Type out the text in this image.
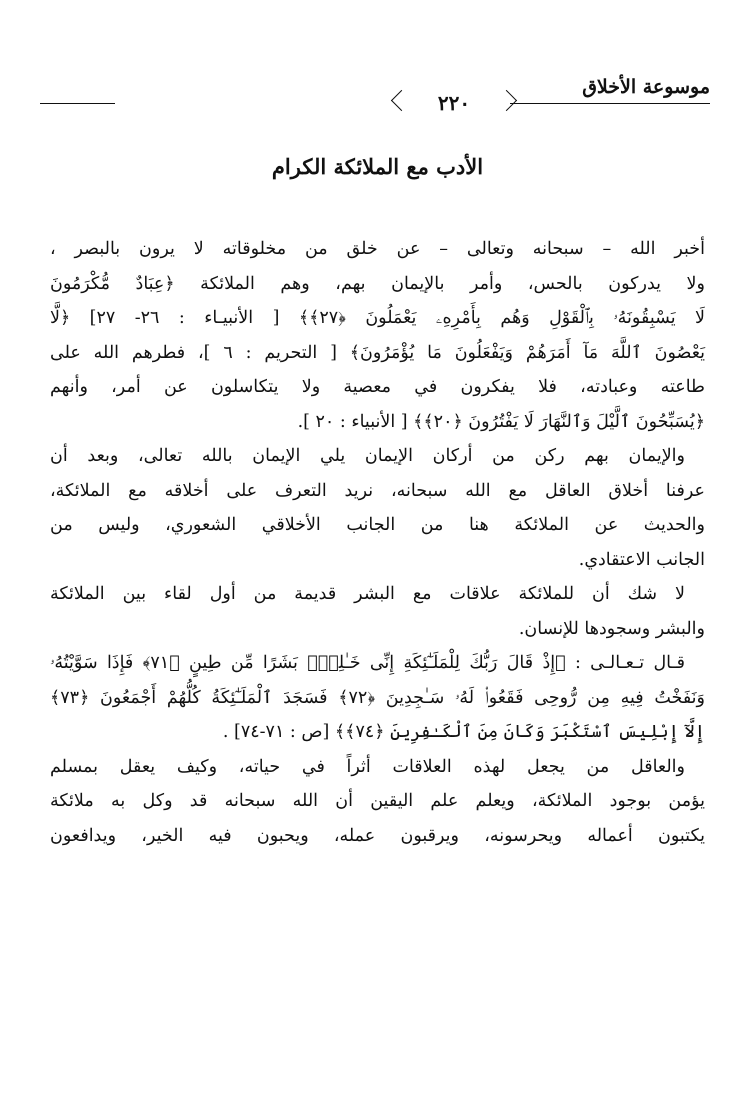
موسوعة الأخلاق
٢٢٠
الأدب مع الملائكة الكرام
أخبر الله – سبحانه وتعالى – عن خلق من مخلوقاته لا يرون بالبصر ،
ولا يدركون بالحس، وأمر بالإيمان بهم، وهم الملائكة ﴿عِبَادٌ مُّكْرَمُونَ
لَا يَسْبِقُونَهُۥ بِٱلْقَوْلِ وَهُم بِأَمْرِهِۦ يَعْمَلُونَ ﴿٢٧﴾﴾ [ الأنبيـاء : ٢٦- ٢٧] ﴿لَّا
يَعْصُونَ ٱللَّهَ مَآ أَمَرَهُمْ وَيَفْعَلُونَ مَا يُؤْمَرُونَ﴾ [ التحريم : ٦ ]، فطرهم الله على
طاعته وعبادته، فلا يفكرون في معصية ولا يتكاسلون عن أمر، وأنهم
﴿يُسَبِّحُونَ ٱلَّيْلَ وَٱلنَّهَارَ لَا يَفْتُرُونَ ﴿٢٠﴾﴾ [ الأنبياء : ٢٠ ].
والإيمان بهم ركن من أركان الإيمان يلي الإيمان بالله تعالى، وبعد أن
عرفنا أخلاق العاقل مع الله سبحانه، نريد التعرف على أخلاقه مع الملائكة،
والحديث عن الملائكة هنا من الجانب الأخلاقي الشعوري، وليس من
الجانب الاعتقادي.
لا شك أن للملائكة علاقات مع البشر قديمة من أول لقاء بين الملائكة
والبشر وسجودها للإنسان.
قـال تـعـالـى : ﴿إِذْ قَالَ رَبُّكَ لِلْمَلَـٰٓئِكَةِ إِنِّى خَـٰلِقٌۢ بَشَرًا مِّن طِينٍ ﴿٧١﴾ فَإِذَا سَوَّيْتُهُۥ
وَنَفَخْتُ فِيهِ مِن رُّوحِى فَقَعُوا۟ لَهُۥ سَـٰجِدِينَ ﴿٧٢﴾ فَسَجَدَ ٱلْمَلَـٰٓئِكَةُ كُلُّهُمْ أَجْمَعُونَ ﴿٧٣﴾
إِلَّآ إِبْلِيسَ ٱسْتَكْبَرَ وَكَانَ مِنَ ٱلْكَـٰفِرِينَ ﴿٧٤﴾﴾ [ص : ٧١-٧٤] .
والعاقل من يجعل لهذه العلاقات أثراً في حياته، وكيف يعقل بمسلم
يؤمن بوجود الملائكة، ويعلم علم اليقين أن الله سبحانه قد وكل به ملائكة
يكتبون أعماله ويحرسونه، ويرقبون عمله، ويحبون فيه الخير، ويدافعون
